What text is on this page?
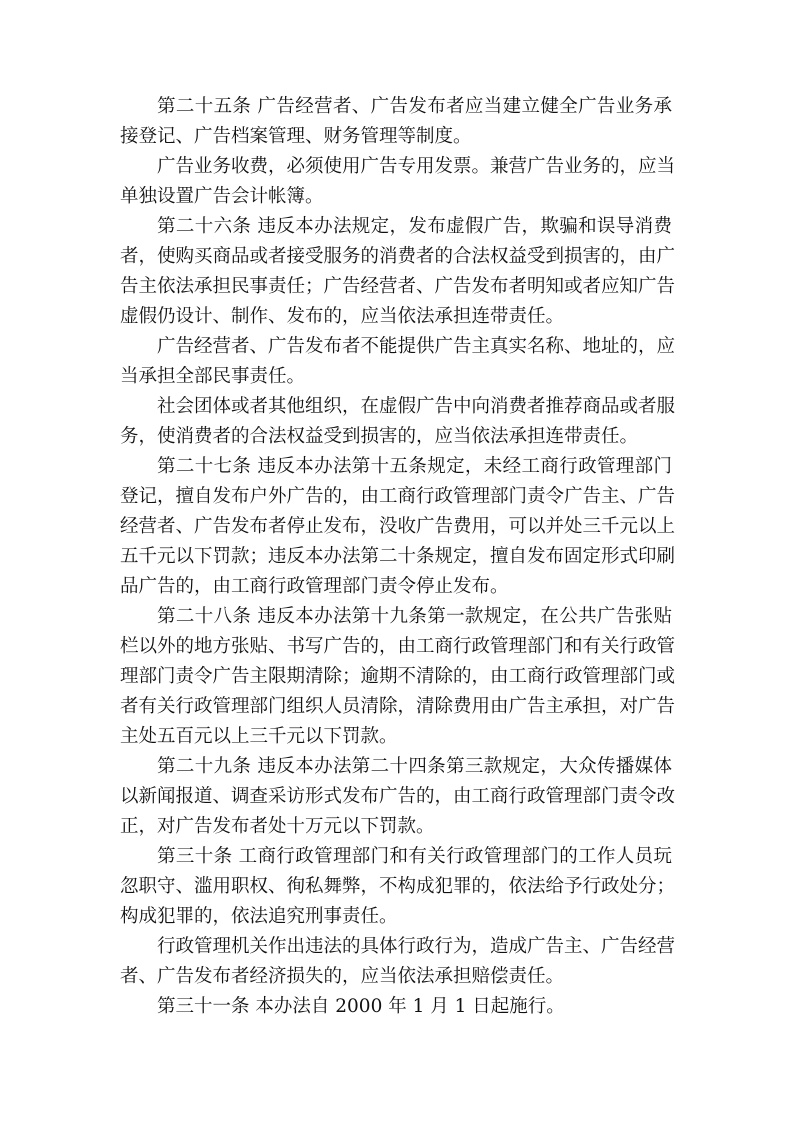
第二十五条 广告经营者、广告发布者应当建立健全广告业务承
接登记、广告档案管理、财务管理等制度。
广告业务收费，必须使用广告专用发票。兼营广告业务的，应当
单独设置广告会计帐簿。
第二十六条 违反本办法规定，发布虚假广告，欺骗和误导消费
者，使购买商品或者接受服务的消费者的合法权益受到损害的，由广
告主依法承担民事责任；广告经营者、广告发布者明知或者应知广告
虚假仍设计、制作、发布的，应当依法承担连带责任。
广告经营者、广告发布者不能提供广告主真实名称、地址的，应
当承担全部民事责任。
社会团体或者其他组织，在虚假广告中向消费者推荐商品或者服
务，使消费者的合法权益受到损害的，应当依法承担连带责任。
第二十七条 违反本办法第十五条规定，未经工商行政管理部门
登记，擅自发布户外广告的，由工商行政管理部门责令广告主、广告
经营者、广告发布者停止发布，没收广告费用，可以并处三千元以上
五千元以下罚款；违反本办法第二十条规定，擅自发布固定形式印刷
品广告的，由工商行政管理部门责令停止发布。
第二十八条 违反本办法第十九条第一款规定，在公共广告张贴
栏以外的地方张贴、书写广告的，由工商行政管理部门和有关行政管
理部门责令广告主限期清除；逾期不清除的，由工商行政管理部门或
者有关行政管理部门组织人员清除，清除费用由广告主承担，对广告
主处五百元以上三千元以下罚款。
第二十九条 违反本办法第二十四条第三款规定，大众传播媒体
以新闻报道、调查采访形式发布广告的，由工商行政管理部门责令改
正，对广告发布者处十万元以下罚款。
第三十条 工商行政管理部门和有关行政管理部门的工作人员玩
忽职守、滥用职权、徇私舞弊，不构成犯罪的，依法给予行政处分；
构成犯罪的，依法追究刑事责任。
行政管理机关作出违法的具体行政行为，造成广告主、广告经营
者、广告发布者经济损失的，应当依法承担赔偿责任。
第三十一条 本办法自 2000 年 1 月 1 日起施行。
